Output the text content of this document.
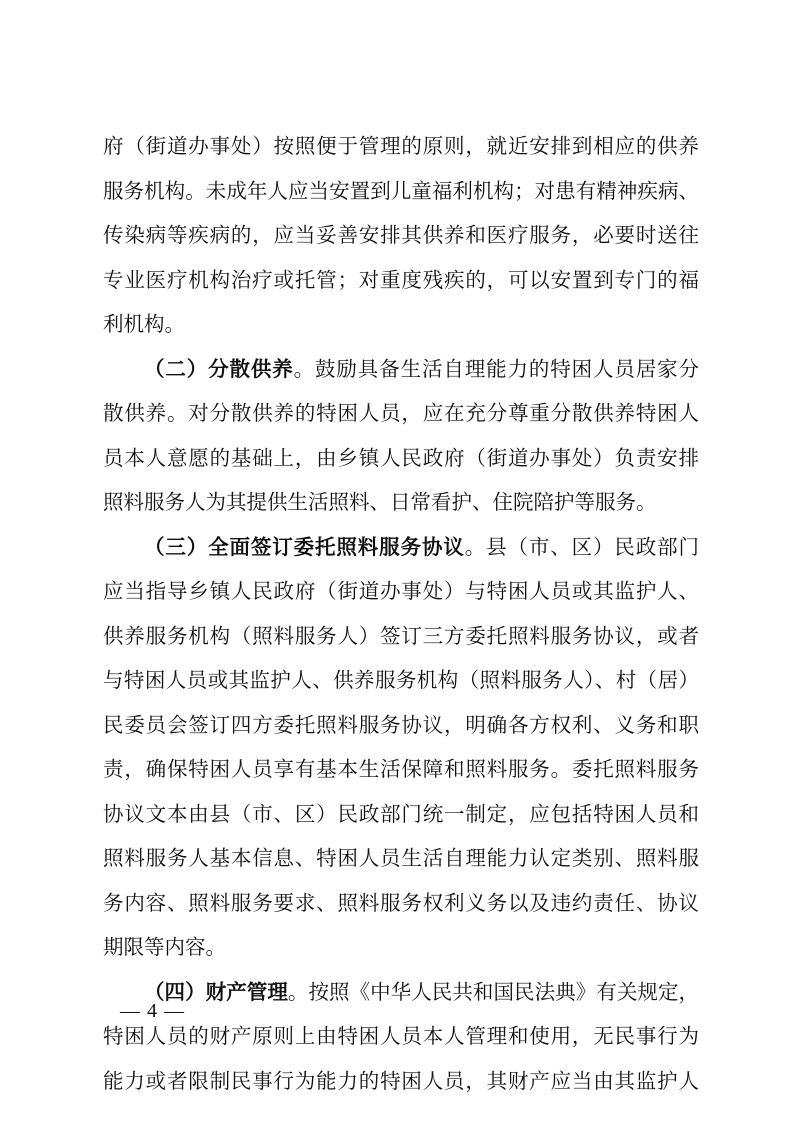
府（街道办事处）按照便于管理的原则，就近安排到相应的供养
服务机构。未成年人应当安置到儿童福利机构；对患有精神疾病、
传染病等疾病的，应当妥善安排其供养和医疗服务，必要时送往
专业医疗机构治疗或托管；对重度残疾的，可以安置到专门的福
利机构。
（二）分散供养。鼓励具备生活自理能力的特困人员居家分
散供养。对分散供养的特困人员，应在充分尊重分散供养特困人
员本人意愿的基础上，由乡镇人民政府（街道办事处）负责安排
照料服务人为其提供生活照料、日常看护、住院陪护等服务。
（三）全面签订委托照料服务协议。县（市、区）民政部门
应当指导乡镇人民政府（街道办事处）与特困人员或其监护人、
供养服务机构（照料服务人）签订三方委托照料服务协议，或者
与特困人员或其监护人、供养服务机构（照料服务人）、村（居）
民委员会签订四方委托照料服务协议，明确各方权利、义务和职
责，确保特困人员享有基本生活保障和照料服务。委托照料服务
协议文本由县（市、区）民政部门统一制定，应包括特困人员和
照料服务人基本信息、特困人员生活自理能力认定类别、照料服
务内容、照料服务要求、照料服务权利义务以及违约责任、协议
期限等内容。
（四）财产管理。按照《中华人民共和国民法典》有关规定，
特困人员的财产原则上由特困人员本人管理和使用，无民事行为
能力或者限制民事行为能力的特困人员，其财产应当由其监护人
— 4 —
